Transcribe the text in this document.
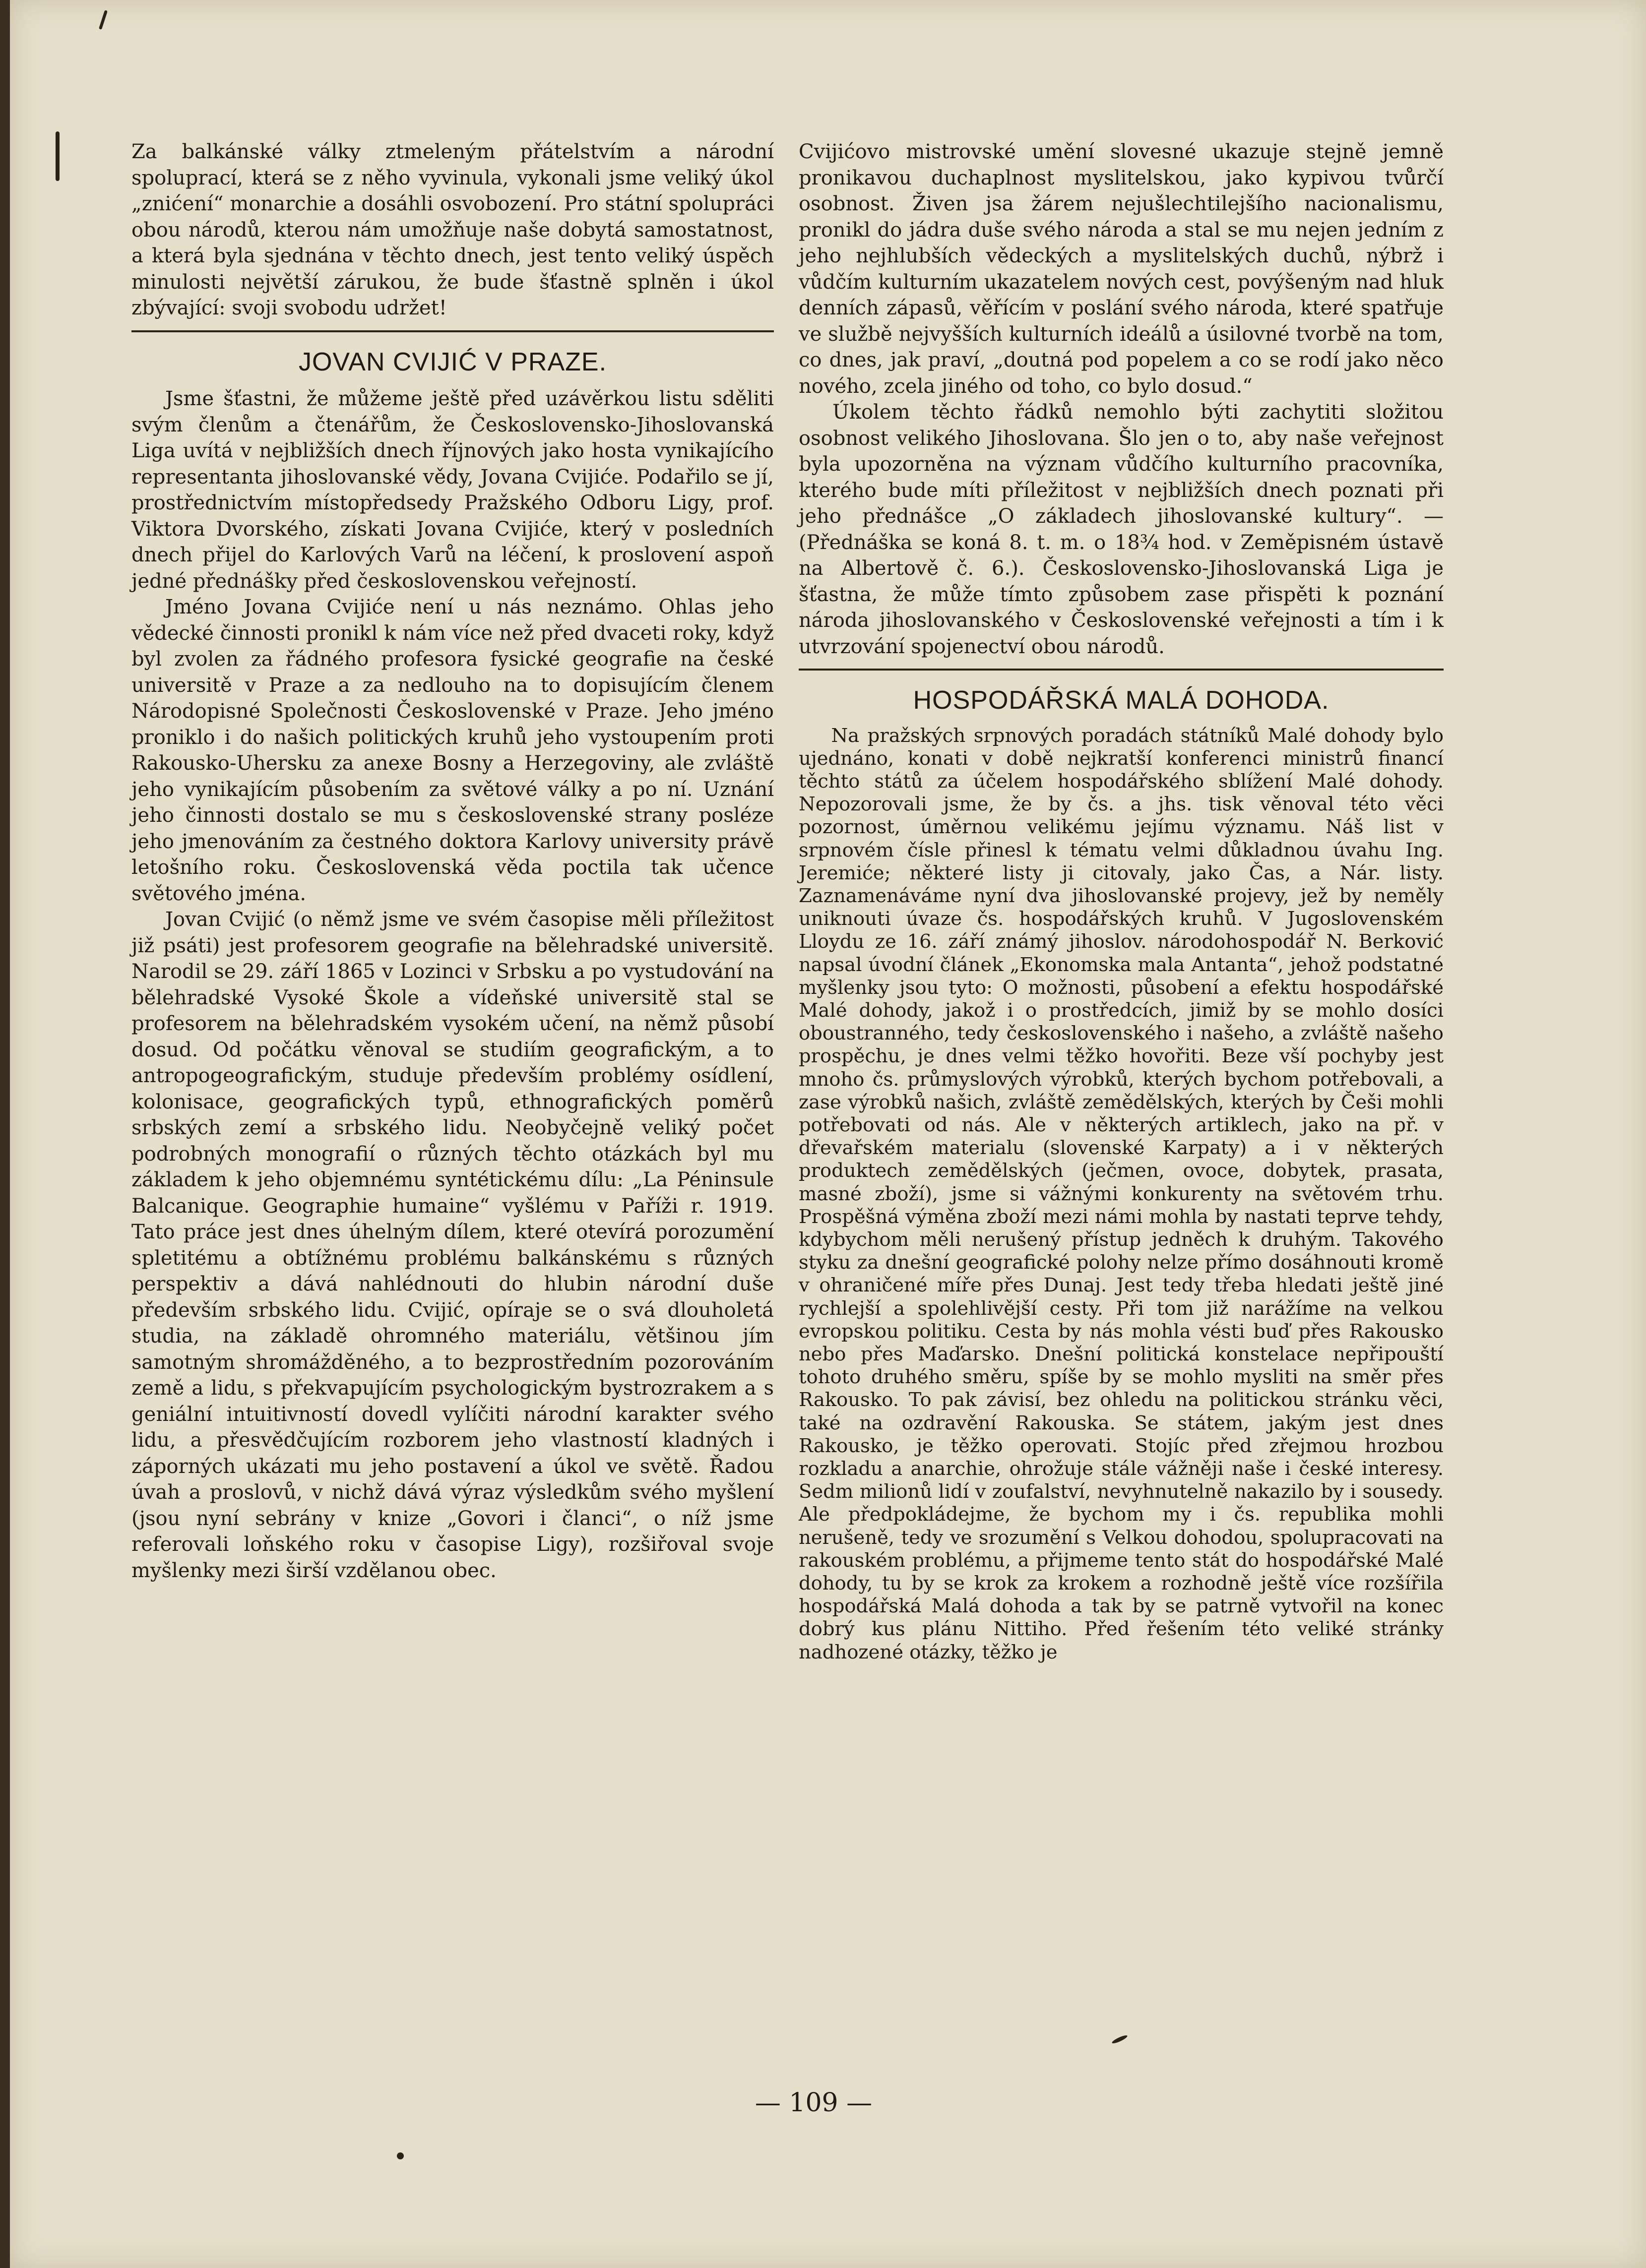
Za balkánské války ztmeleným přátelstvím a národní spoluprací, která se z něho vyvinula, vykonali jsme veliký úkol „znićení“ monarchie a dosáhli osvobození. Pro státní spolupráci obou národů, kterou nám umožňuje naše dobytá samostatnost, a která byla sjednána v těchto dnech, jest tento veliký úspěch minulosti největší zárukou, že bude šťastně splněn i úkol zbývající: svoji svobodu udržet!

JOVAN CVIJIĆ V PRAZE.

Jsme šťastni, že můžeme ještě před uzávěrkou listu sděliti svým členům a čtenářům, že Československo-Jihoslovanská Liga uvítá v nejbližších dnech říjnových jako hosta vynikajícího representanta jihoslovanské vědy, Jovana Cvijiće. Podařilo se jí, prostřednictvím místopředsedy Pražského Odboru Ligy, prof. Viktora Dvorského, získati Jovana Cvijiće, který v posledních dnech přijel do Karlových Varů na léčení, k proslovení aspoň jedné přednášky před československou veřejností.

Jméno Jovana Cvijiće není u nás neznámo. Ohlas jeho vědecké činnosti pronikl k nám více než před dvaceti roky, když byl zvolen za řádného profesora fysické geografie na české universitě v Praze a za nedlouho na to dopisujícím členem Národopisné Společnosti Československé v Praze. Jeho jméno proniklo i do našich politických kruhů jeho vystoupením proti Rakousko-Uhersku za anexe Bosny a Herzegoviny, ale zvláště jeho vynikajícím působením za světové války a po ní. Uznání jeho činnosti dostalo se mu s československé strany posléze jeho jmenováním za čestného doktora Karlovy university právě letošního roku. Československá věda poctila tak učence světového jména.

Jovan Cvijić (o němž jsme ve svém časopise měli příležitost již psáti) jest profesorem geografie na bělehradské universitě. Narodil se 29. září 1865 v Lozinci v Srbsku a po vystudování na bělehradské Vysoké Škole a vídeňské universitě stal se profesorem na bělehradském vysokém učení, na němž působí dosud. Od počátku věnoval se studiím geografickým, a to antropogeografickým, studuje především problémy osídlení, kolonisace, geografických typů, ethnografických poměrů srbských zemí a srbského lidu. Neobyčejně veliký počet podrobných monografií o různých těchto otázkách byl mu základem k jeho objemnému syntétickému dílu: „La Péninsule Balcanique. Geographie humaine“ vyšlému v Paříži r. 1919. Tato práce jest dnes úhelným dílem, které otevírá porozumění spletitému a obtížnému problému balkánskému s různých perspektiv a dává nahlédnouti do hlubin národní duše především srbského lidu. Cvijić, opíraje se o svá dlouholetá studia, na základě ohromného materiálu, většinou jím samotným shromážděného, a to bezprostředním pozorováním země a lidu, s překvapujícím psychologickým bystrozrakem a s geniální intuitivností dovedl vylíčiti národní karakter svého lidu, a přesvědčujícím rozborem jeho vlastností kladných i záporných ukázati mu jeho postavení a úkol ve světě. Řadou úvah a proslovů, v nichž dává výraz výsledkům svého myšlení (jsou nyní sebrány v knize „Govori i članci“, o níž jsme referovali loňského roku v časopise Ligy), rozšiřoval svoje myšlenky mezi širší vzdělanou obec.

Cvijićovo mistrovské umění slovesné ukazuje stejně jemně pronikavou duchaplnost myslitelskou, jako kypivou tvůrčí osobnost. Živen jsa žárem nejušlechtilejšího nacionalismu, pronikl do jádra duše svého národa a stal se mu nejen jedním z jeho nejhlubších vědeckých a myslitelských duchů, nýbrž i vůdčím kulturním ukazatelem nových cest, povýšeným nad hluk denních zápasů, věřícím v poslání svého národa, které spatřuje ve službě nejvyšších kulturních ideálů a úsilovné tvorbě na tom, co dnes, jak praví, „doutná pod popelem a co se rodí jako něco nového, zcela jiného od toho, co bylo dosud.“

Úkolem těchto řádků nemohlo býti zachytiti složitou osobnost velikého Jihoslovana. Šlo jen o to, aby naše veřejnost byla upozorněna na význam vůdčího kulturního pracovníka, kterého bude míti příležitost v nejbližších dnech poznati při jeho přednášce „O základech jihoslovanské kultury“. — (Přednáška se koná 8. t. m. o 18¾ hod. v Zeměpisném ústavě na Albertově č. 6.). Československo-Jihoslovanská Liga je šťastna, že může tímto způsobem zase přispěti k poznání národa jihoslovanského v Československé veřejnosti a tím i k utvrzování spojenectví obou národů.

HOSPODÁŘSKÁ MALÁ DOHODA.

Na pražských srpnových poradách státníků Malé dohody bylo ujednáno, konati v době nejkratší konferenci ministrů financí těchto států za účelem hospodářského sblížení Malé dohody. Nepozorovali jsme, že by čs. a jhs. tisk věnoval této věci pozornost, úměrnou velikému jejímu významu. Náš list v srpnovém čísle přinesl k tématu velmi důkladnou úvahu Ing. Jeremiće; některé listy ji citovaly, jako Čas, a Nár. listy. Zaznamenáváme nyní dva jihoslovanské projevy, jež by neměly uniknouti úvaze čs. hospodářských kruhů. V Jugoslovenském Lloydu ze 16. září známý jihoslov. národohospodář N. Berković napsal úvodní článek „Ekonomska mala Antanta“, jehož podstatné myšlenky jsou tyto: O možnosti, působení a efektu hospodářské Malé dohody, jakož i o prostředcích, jimiž by se mohlo dosíci oboustranného, tedy československého i našeho, a zvláště našeho prospěchu, je dnes velmi těžko hovořiti. Beze vší pochyby jest mnoho čs. průmyslových výrobků, kterých bychom potřebovali, a zase výrobků našich, zvláště zemědělských, kterých by Češi mohli potřebovati od nás. Ale v některých artiklech, jako na př. v dřevařském materialu (slovenské Karpaty) a i v některých produktech zemědělských (ječmen, ovoce, dobytek, prasata, masné zboží), jsme si vážnými konkurenty na světovém trhu. Prospěšná výměna zboží mezi námi mohla by nastati teprve tehdy, kdybychom měli nerušený přístup jedněch k druhým. Takového styku za dnešní geografické polohy nelze přímo dosáhnouti kromě v ohraničené míře přes Dunaj. Jest tedy třeba hledati ještě jiné rychlejší a spolehlivější cesty. Při tom již narážíme na velkou evropskou politiku. Cesta by nás mohla vésti buď přes Rakousko nebo přes Maďarsko. Dnešní politická konstelace nepřipouští tohoto druhého směru, spíše by se mohlo mysliti na směr přes Rakousko. To pak závisí, bez ohledu na politickou stránku věci, také na ozdravění Rakouska. Se státem, jakým jest dnes Rakousko, je těžko operovati. Stojíc před zřejmou hrozbou rozkladu a anarchie, ohrožuje stále vážněji naše i české interesy. Sedm milionů lidí v zoufalství, nevyhnutelně nakazilo by i sousedy. Ale předpokládejme, že bychom my i čs. republika mohli nerušeně, tedy ve srozumění s Velkou dohodou, spolupracovati na rakouském problému, a přijmeme tento stát do hospodářské Malé dohody, tu by se krok za krokem a rozhodně ještě více rozšířila hospodářská Malá dohoda a tak by se patrně vytvořil na konec dobrý kus plánu Nittiho. Před řešením této veliké stránky nadhozené otázky, těžko je

— 109 —
